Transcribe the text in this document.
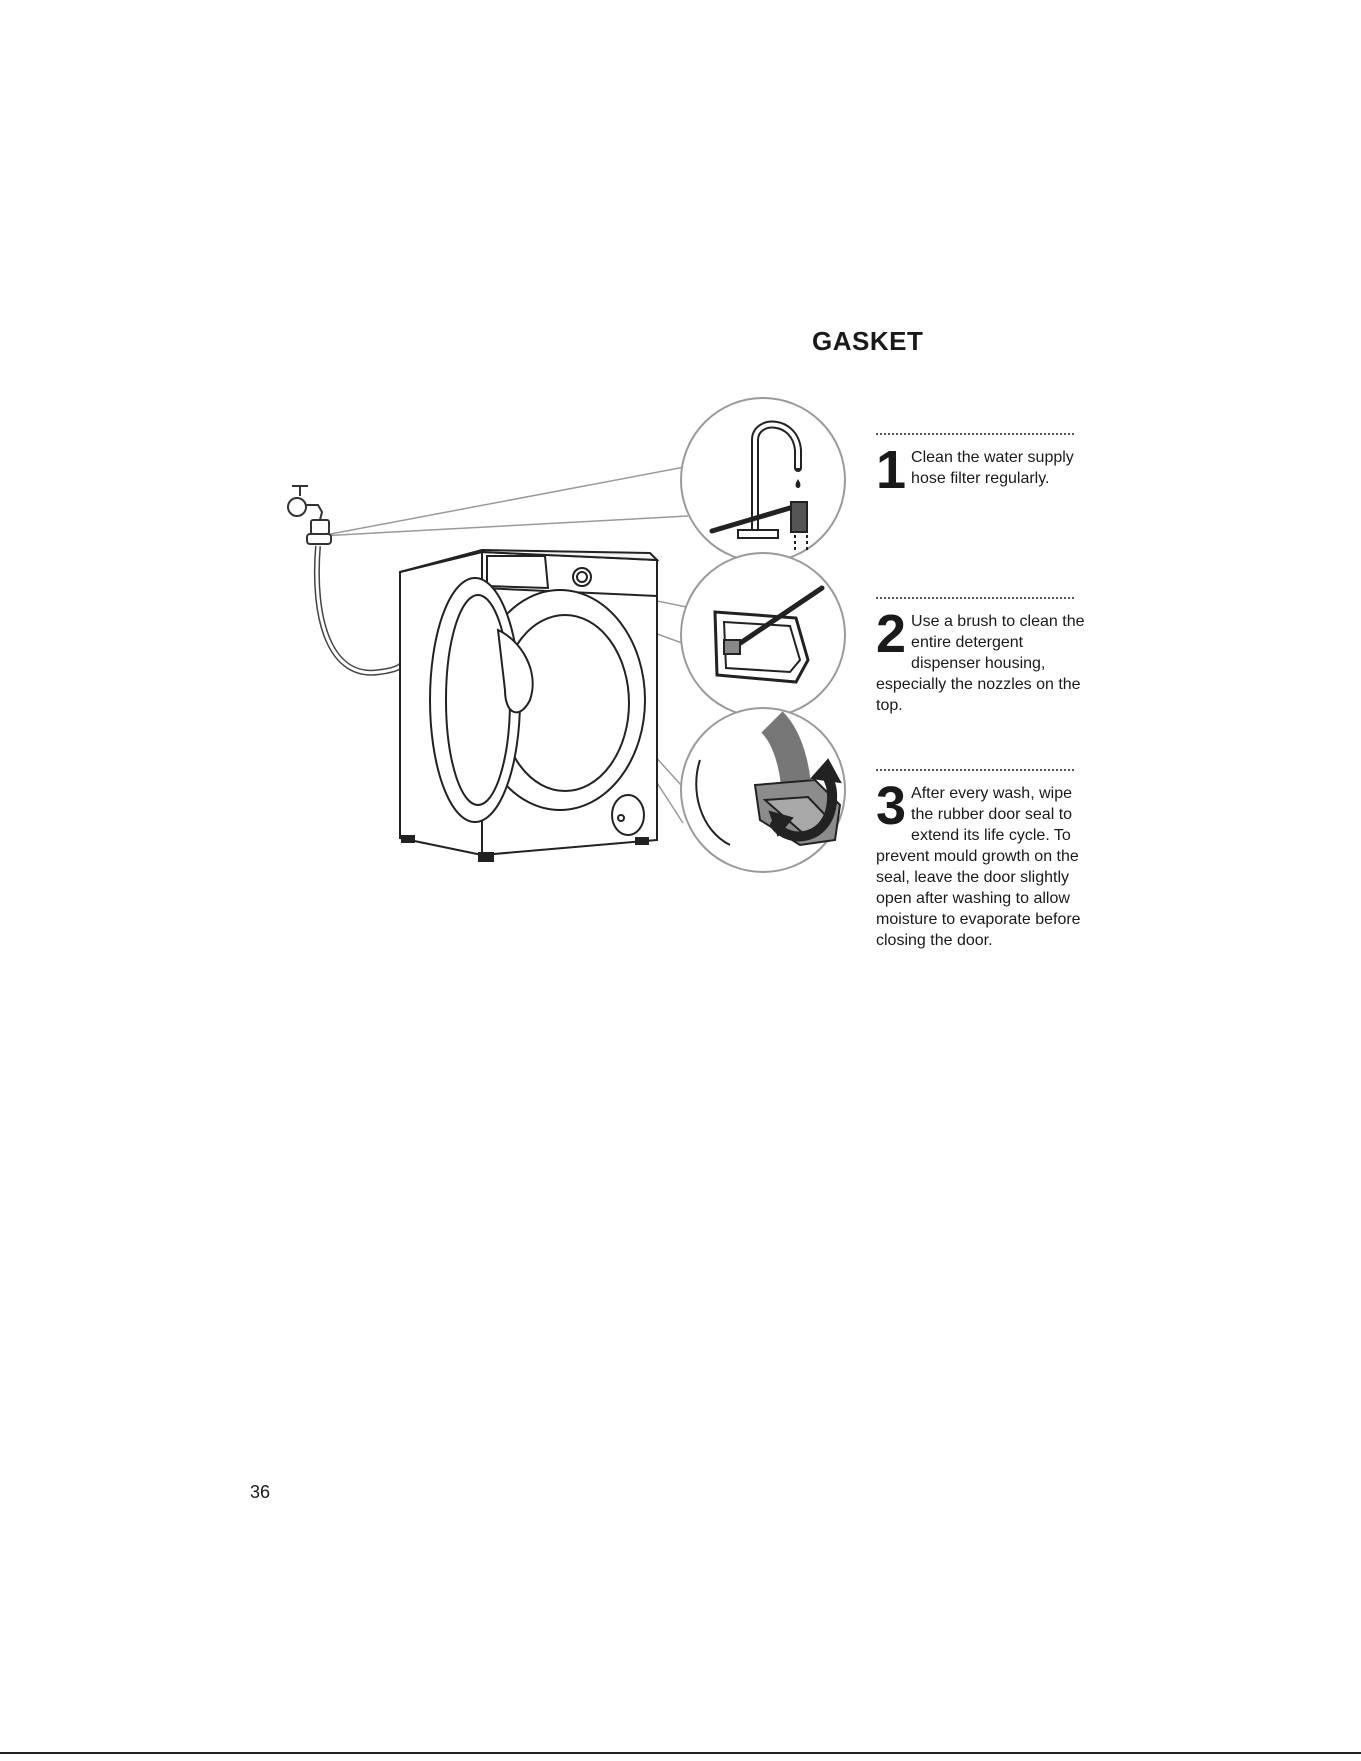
GASKET
1 Clean the water supply hose filter regularly.

2 Use a brush to clean the entire detergent dispenser housing, especially the nozzles on the top.

3 After every wash, wipe the rubber door seal to extend its life cycle. To prevent mould growth on the seal, leave the door slightly open after washing to allow moisture to evaporate before closing the door.

36
